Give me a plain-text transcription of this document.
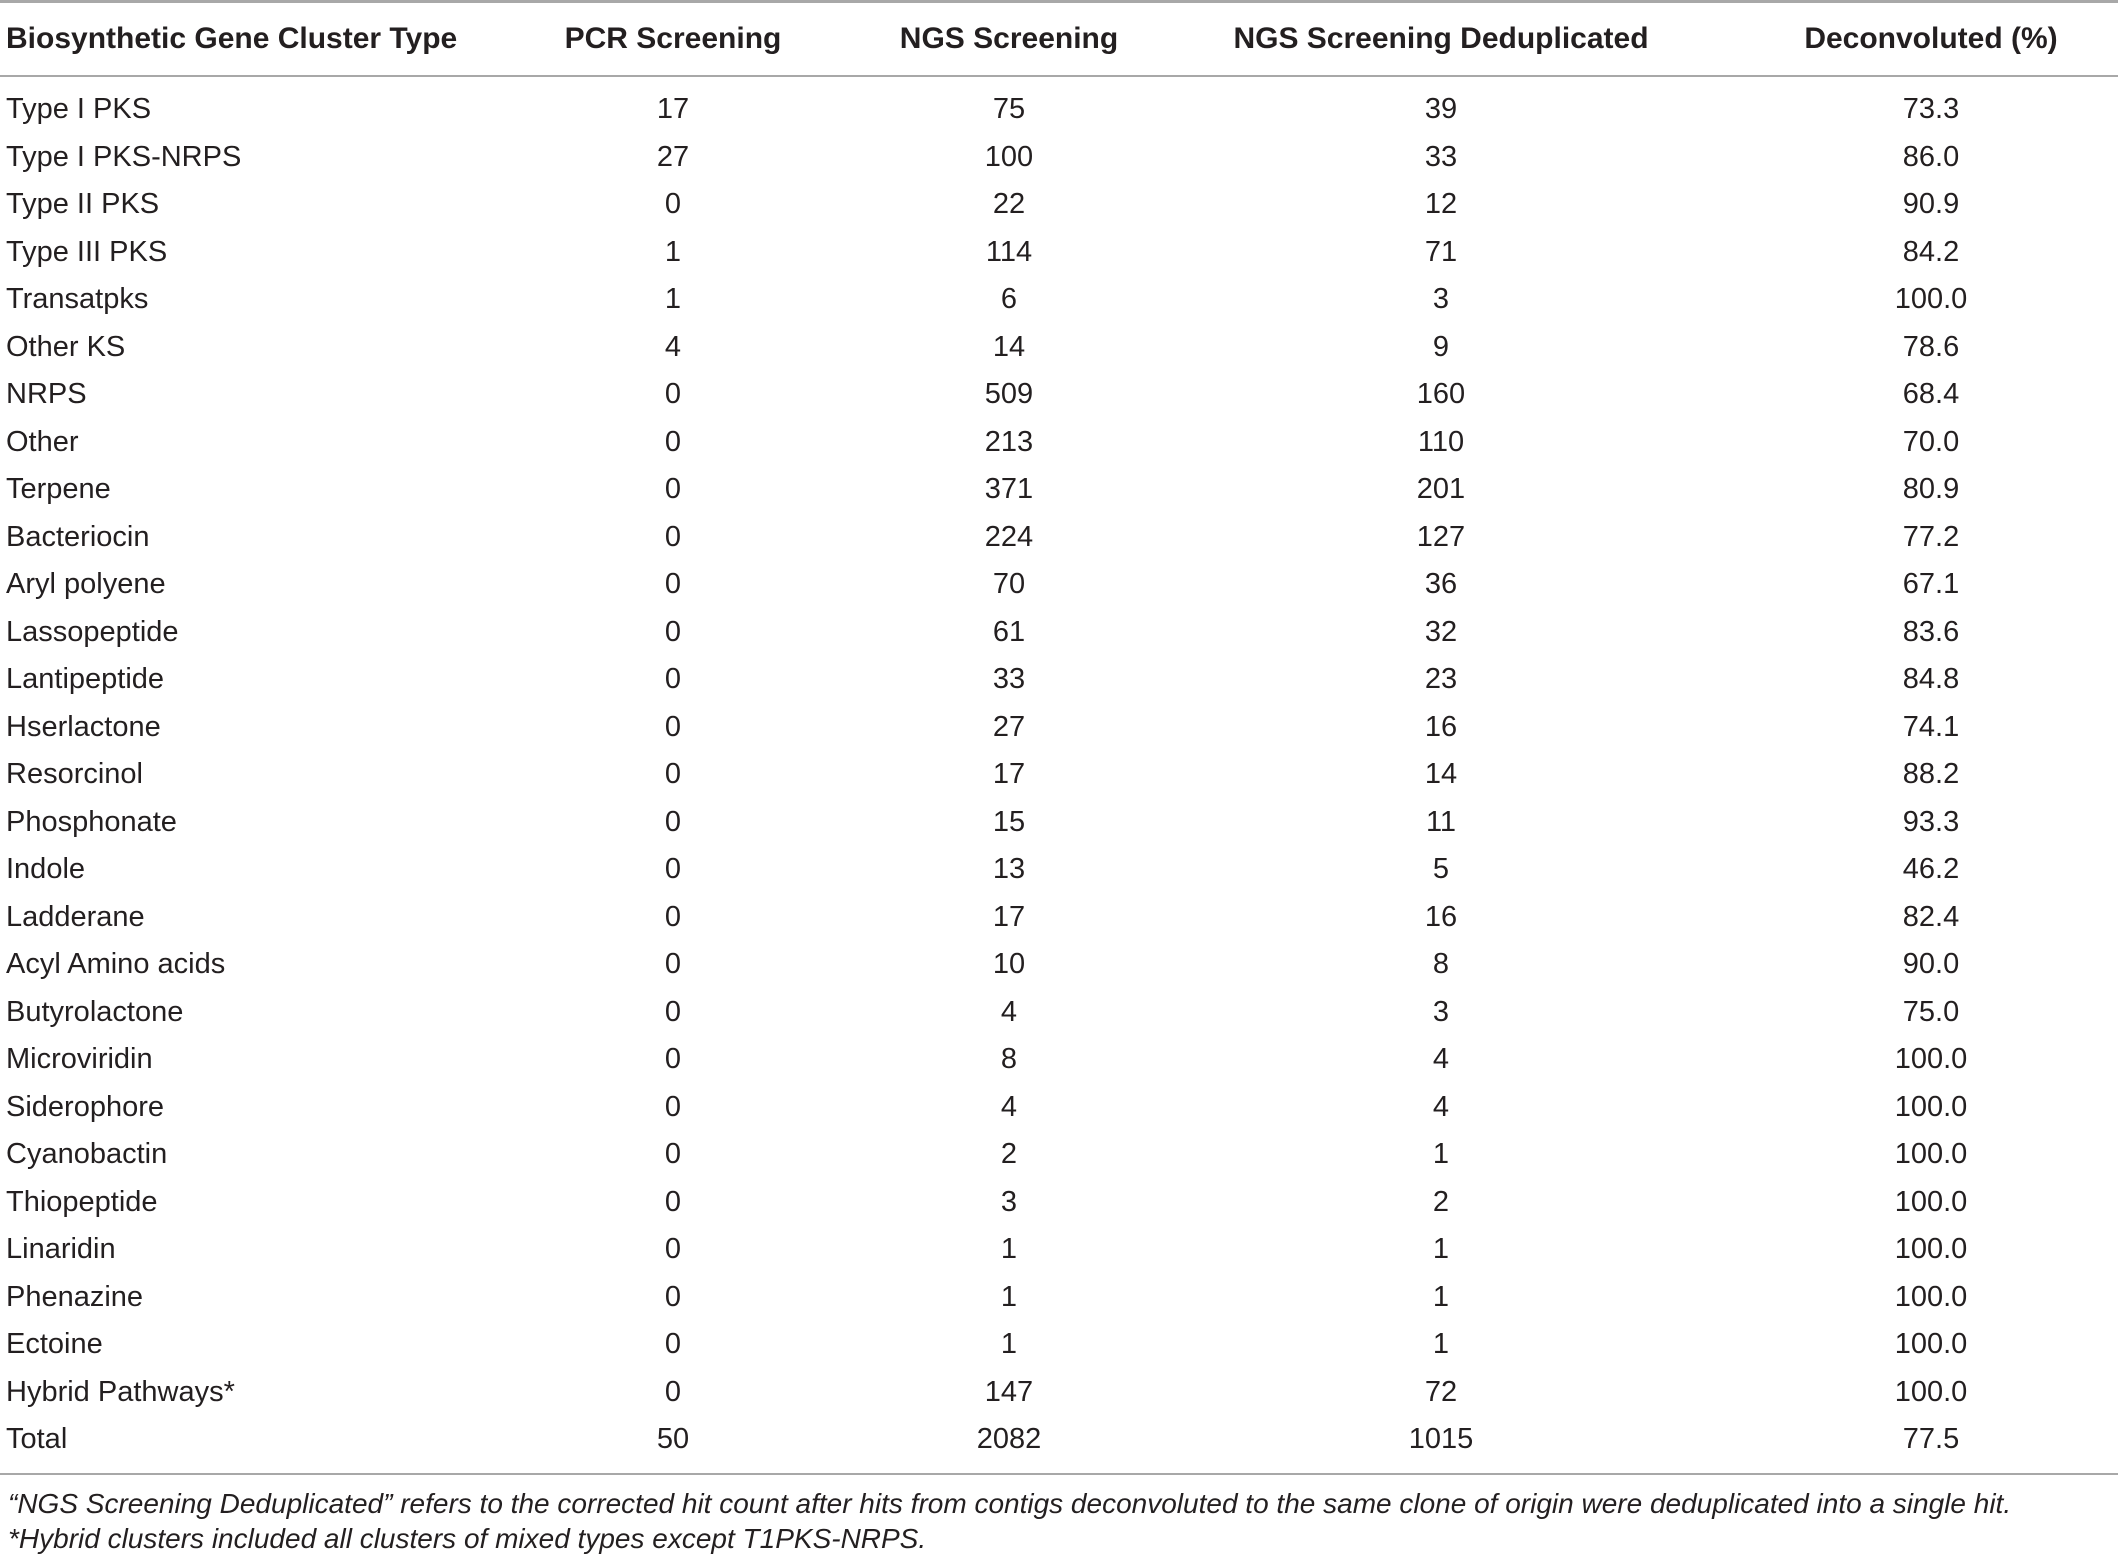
Biosynthetic Gene Cluster Type	PCR Screening	NGS Screening	NGS Screening Deduplicated	Deconvoluted (%)

Type I PKS	17	75	39	73.3
Type I PKS-NRPS	27	100	33	86.0
Type II PKS	0	22	12	90.9
Type III PKS	1	114	71	84.2
Transatpks	1	6	3	100.0
Other KS	4	14	9	78.6
NRPS	0	509	160	68.4
Other	0	213	110	70.0
Terpene	0	371	201	80.9
Bacteriocin	0	224	127	77.2
Aryl polyene	0	70	36	67.1
Lassopeptide	0	61	32	83.6
Lantipeptide	0	33	23	84.8
Hserlactone	0	27	16	74.1
Resorcinol	0	17	14	88.2
Phosphonate	0	15	11	93.3
Indole	0	13	5	46.2
Ladderane	0	17	16	82.4
Acyl Amino acids	0	10	8	90.0
Butyrolactone	0	4	3	75.0
Microviridin	0	8	4	100.0
Siderophore	0	4	4	100.0
Cyanobactin	0	2	1	100.0
Thiopeptide	0	3	2	100.0
Linaridin	0	1	1	100.0
Phenazine	0	1	1	100.0
Ectoine	0	1	1	100.0
Hybrid Pathways*	0	147	72	100.0
Total	50	2082	1015	77.5

“NGS Screening Deduplicated” refers to the corrected hit count after hits from contigs deconvoluted to the same clone of origin were deduplicated into a single hit.

*Hybrid clusters included all clusters of mixed types except T1PKS-NRPS.
